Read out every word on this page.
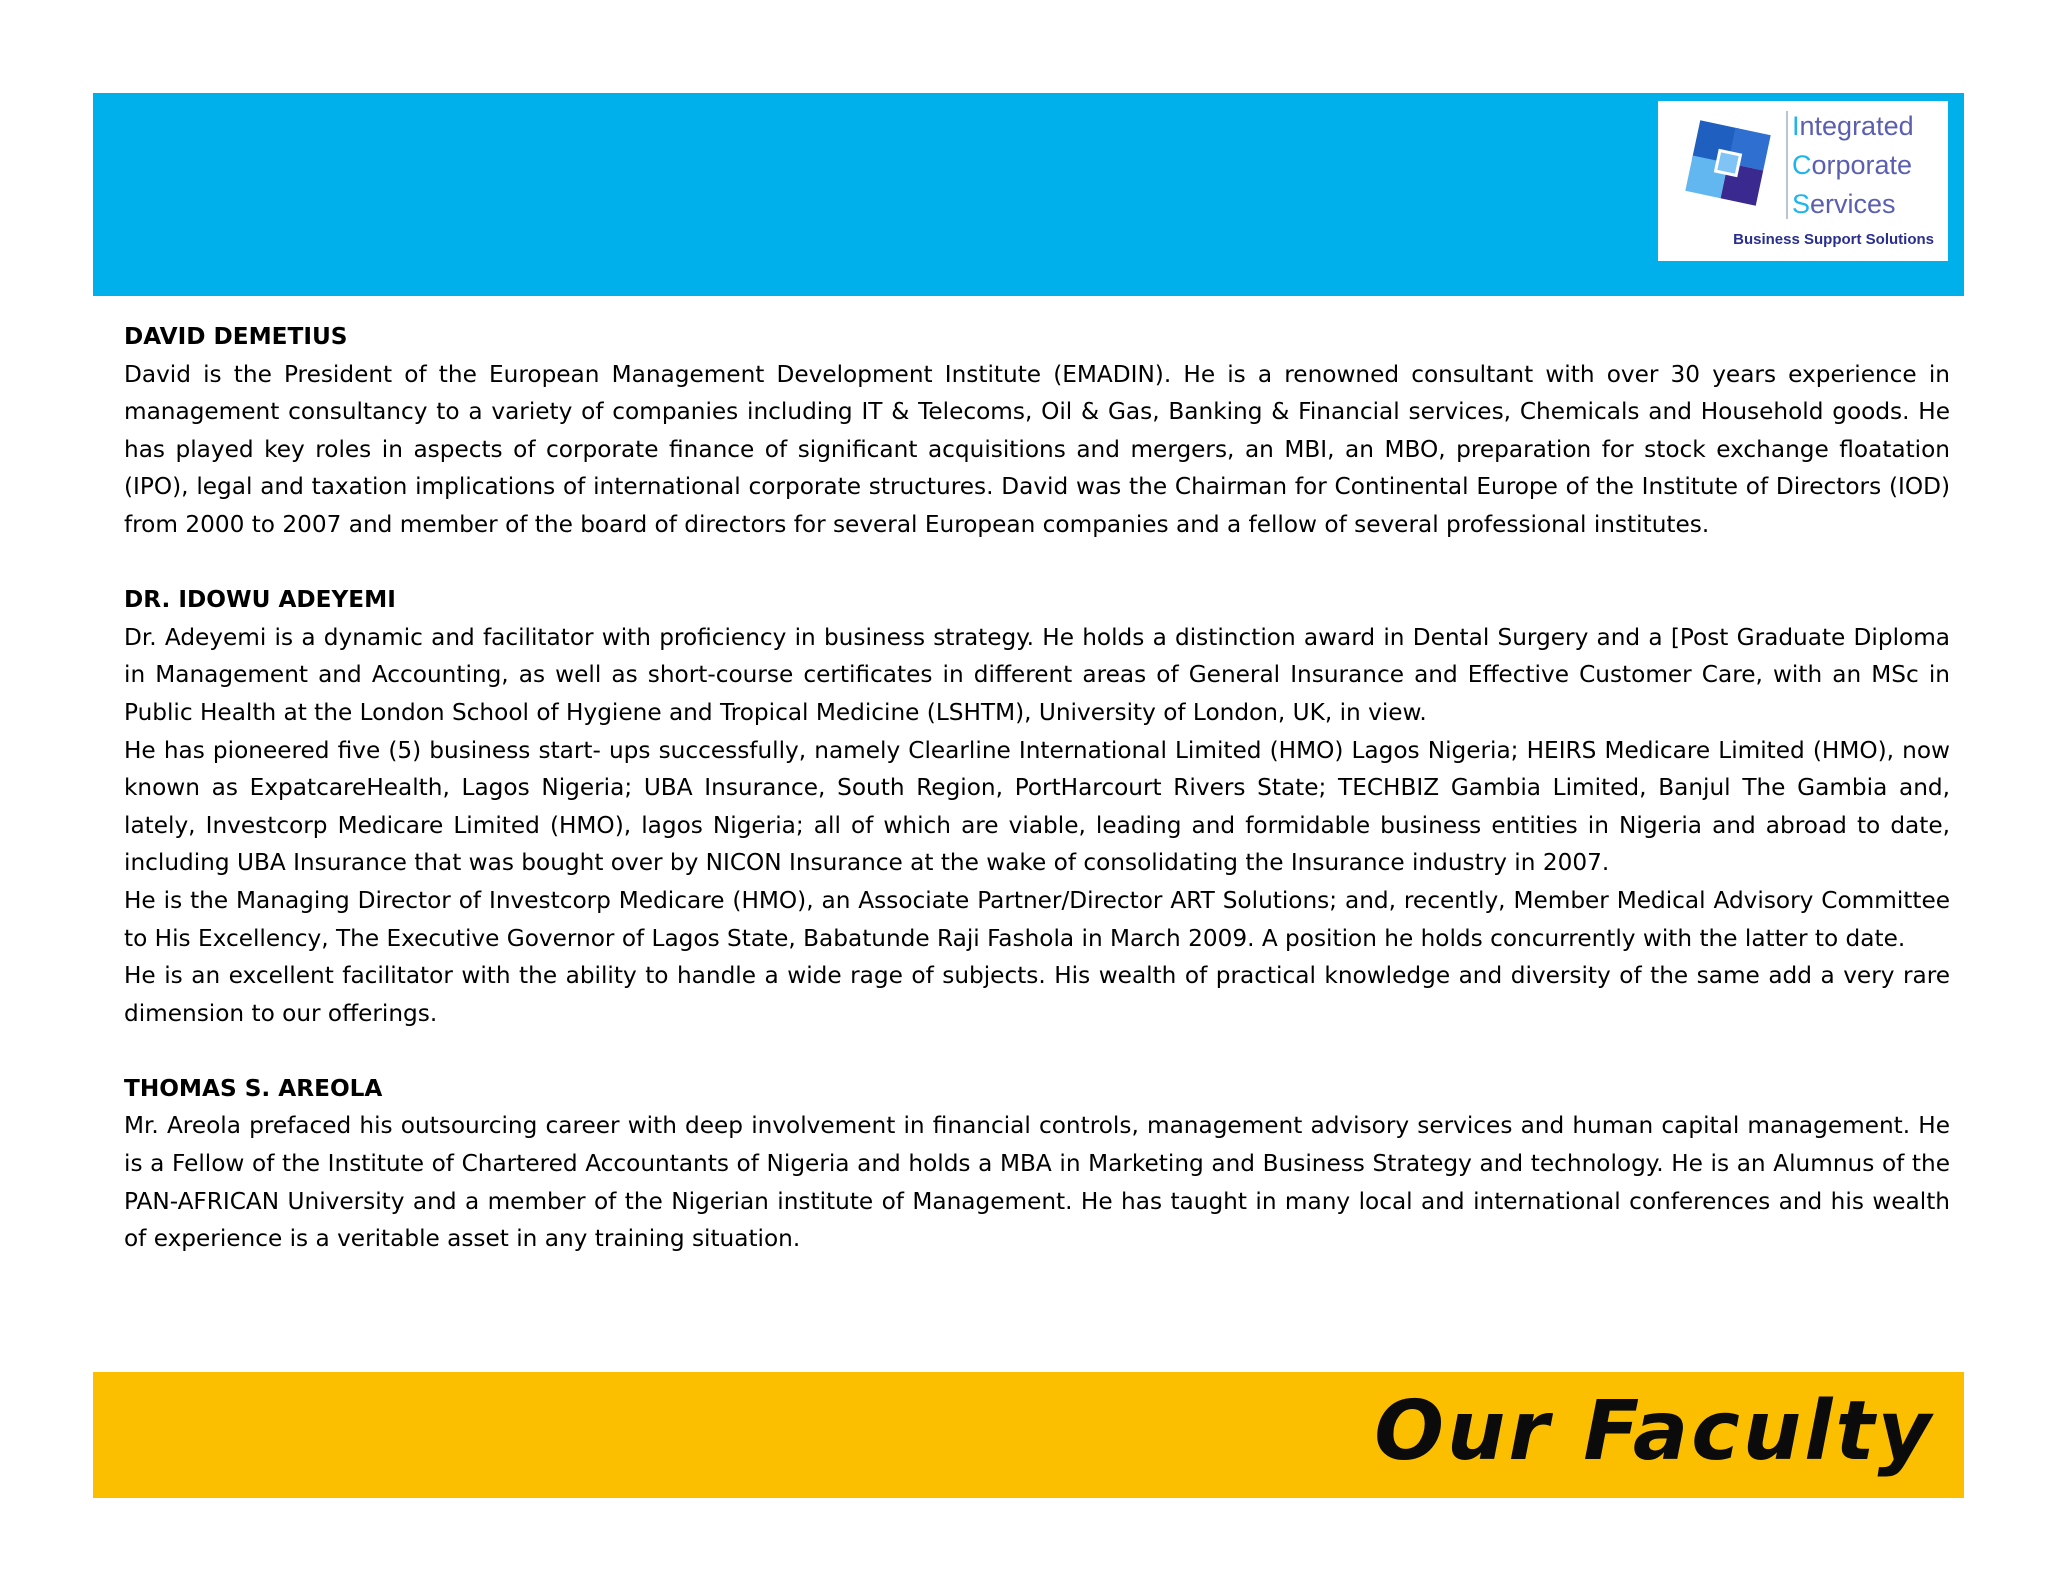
Integrated
Corporate
Services
Business Support Solutions
DAVID DEMETIUS

David is the President of the European Management Development Institute (EMADIN). He is a renowned consultant with over 30 years experience in management consultancy to a variety of companies including IT & Telecoms, Oil & Gas, Banking & Financial services, Chemicals and Household goods. He has played key roles in aspects of corporate finance of significant acquisitions and mergers, an MBI, an MBO, preparation for stock exchange floatation (IPO), legal and taxation implications of international corporate structures. David was the Chairman for Continental Europe of the Institute of Directors (IOD) from 2000 to 2007 and member of the board of directors for several European companies and a fellow of several professional institutes.

DR. IDOWU ADEYEMI

Dr. Adeyemi is a dynamic and facilitator with proficiency in business strategy. He holds a distinction award in Dental Surgery and a [Post Graduate Diploma in Management and Accounting, as well as short-course certificates in different areas of General Insurance and Effective Customer Care, with an MSc in Public Health at the London School of Hygiene and Tropical Medicine (LSHTM), University of London, UK, in view.

He has pioneered five (5) business start- ups successfully, namely Clearline International Limited (HMO) Lagos Nigeria; HEIRS Medicare Limited (HMO), now known as ExpatcareHealth, Lagos Nigeria; UBA Insurance, South Region, PortHarcourt Rivers State; TECHBIZ Gambia Limited, Banjul The Gambia and, lately, Investcorp Medicare Limited (HMO), lagos Nigeria; all of which are viable, leading and formidable business entities in Nigeria and abroad to date, including UBA Insurance that was bought over by NICON Insurance at the wake of consolidating the Insurance industry in 2007.

He is the Managing Director of Investcorp Medicare (HMO), an Associate Partner/Director ART Solutions; and, recently, Member Medical Advisory Committee to His Excellency, The Executive Governor of Lagos State, Babatunde Raji Fashola in March 2009. A position he holds concurrently with the latter to date.

He is an excellent facilitator with the ability to handle a wide rage of subjects. His wealth of practical knowledge and diversity of the same add a very rare dimension to our offerings.

THOMAS S. AREOLA

Mr. Areola prefaced his outsourcing career with deep involvement in financial controls, management advisory services and human capital management. He is a Fellow of the Institute of Chartered Accountants of Nigeria and holds a MBA in Marketing and Business Strategy and technology. He is an Alumnus of the PAN-AFRICAN University and a member of the Nigerian institute of Management. He has taught in many local and international conferences and his wealth of experience is a veritable asset in any training situation.

Our Faculty
